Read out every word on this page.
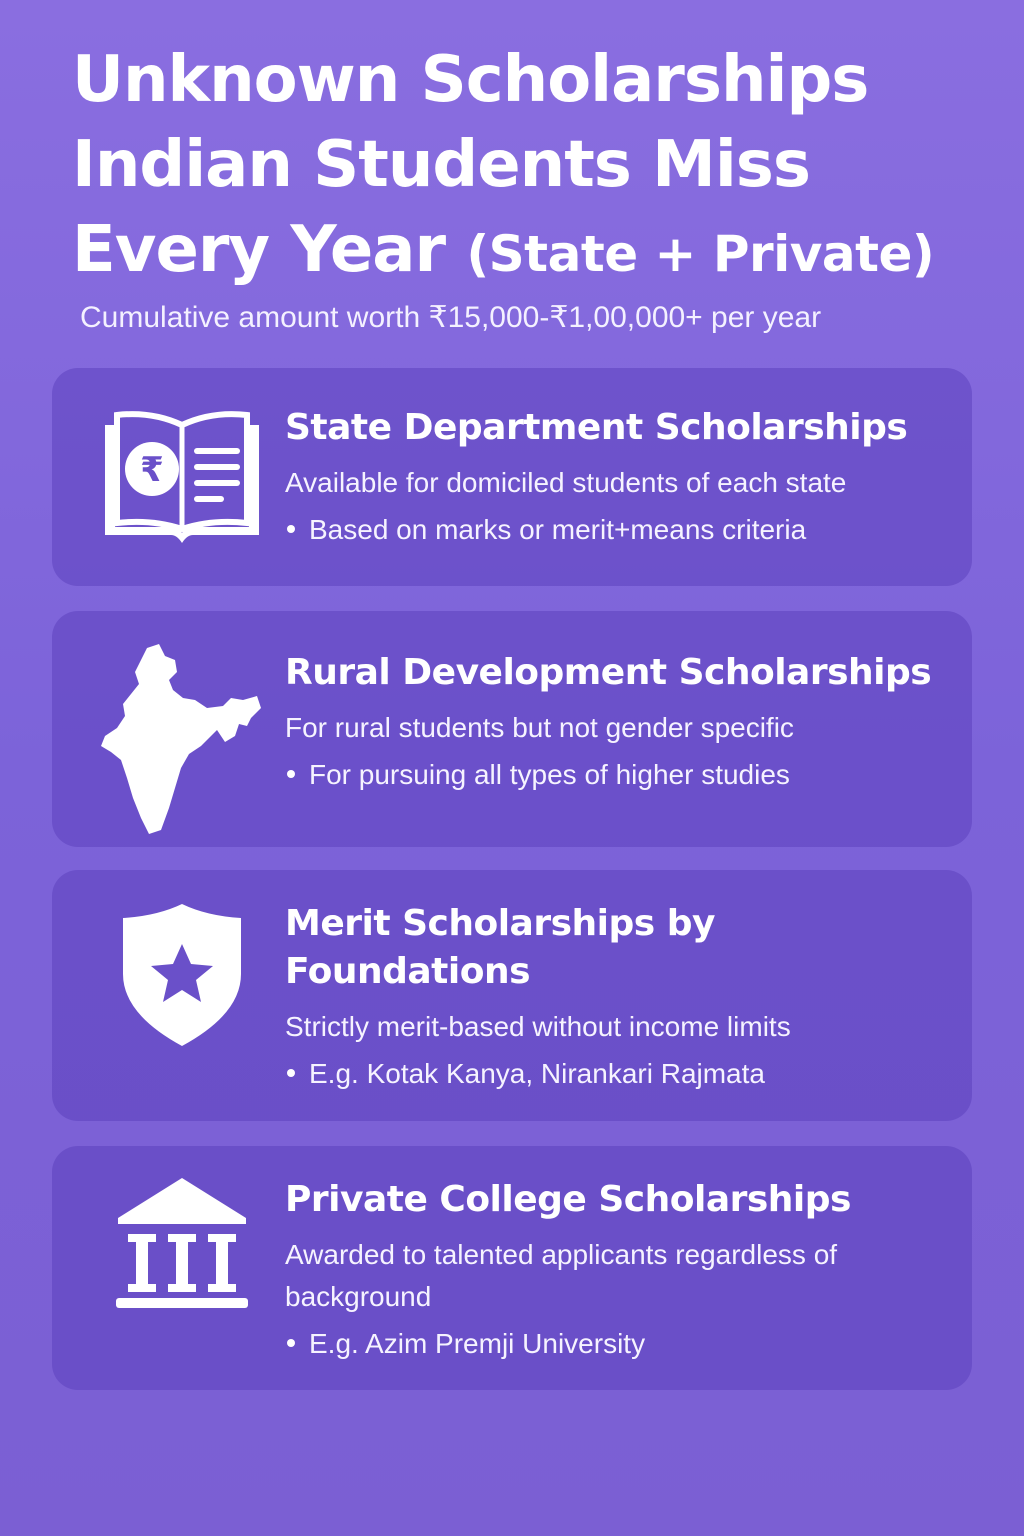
Unknown Scholarships
Indian Students Miss
Every Year (State + Private)
Cumulative amount worth ₹15,000-₹1,00,000+ per year
₹
State Department Scholarships
Available for domiciled students of each state
Based on marks or merit+means criteria
Rural Development Scholarships
For rural students but not gender specific
For pursuing all types of higher studies
Merit Scholarships by Foundations
Strictly merit-based without income limits
E.g. Kotak Kanya, Nirankari Rajmata
Private College Scholarships
Awarded to talented applicants regardless of background
E.g. Azim Premji University
